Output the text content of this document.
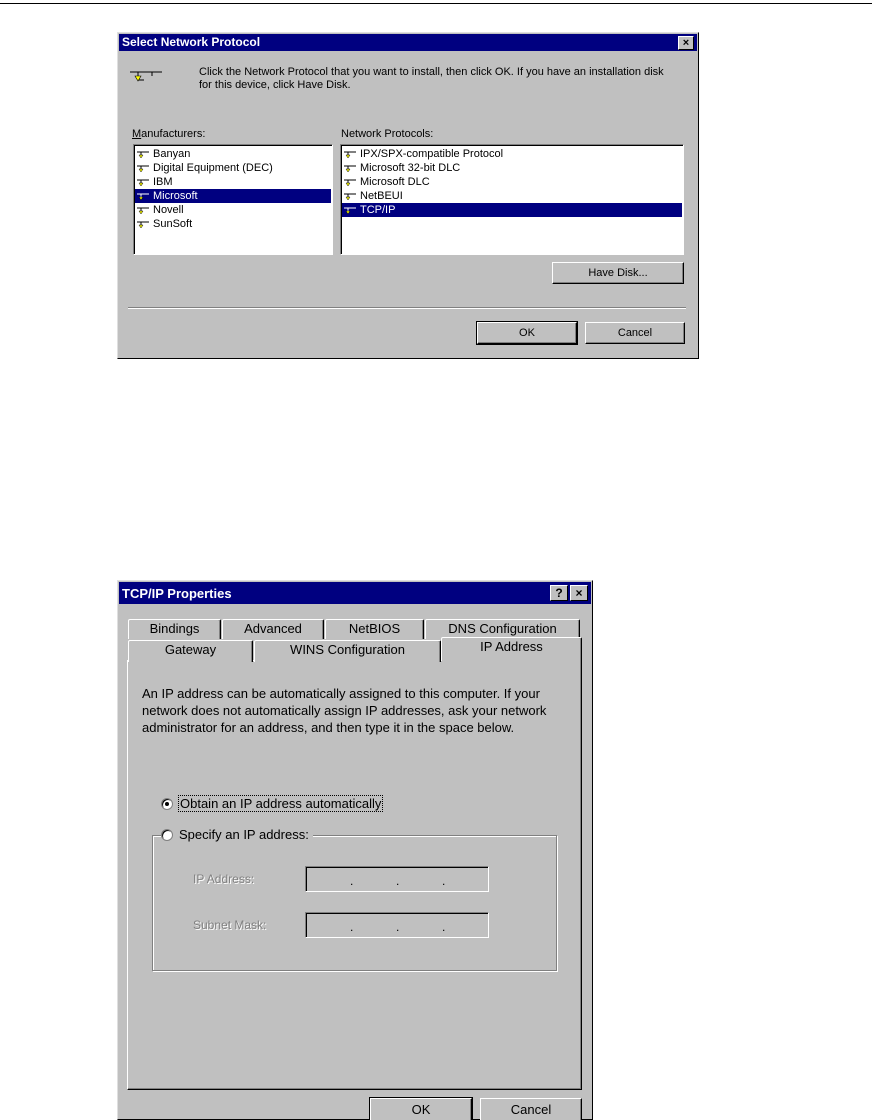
Select Network Protocol	×
Click the Network Protocol that you want to install, then click OK. If you have an installation disk for this device, click Have Disk.
Manufacturers:
Banyan
Digital Equipment (DEC)
IBM
Microsoft
Novell
SunSoft
Network Protocols:
IPX/SPX-compatible Protocol
Microsoft 32-bit DLC
Microsoft DLC
NetBEUI
TCP/IP
Have Disk...
OK	Cancel
TCP/IP Properties	?	×
Bindings	Advanced	NetBIOS	DNS Configuration
Gateway	WINS Configuration	IP Address
An IP address can be automatically assigned to this computer. If your network does not automatically assign IP addresses, ask your network administrator for an address, and then type it in the space below.
Obtain an IP address automatically
Specify an IP address:
IP Address:	.	.	.
Subnet Mask:	.	.	.
OK	Cancel
